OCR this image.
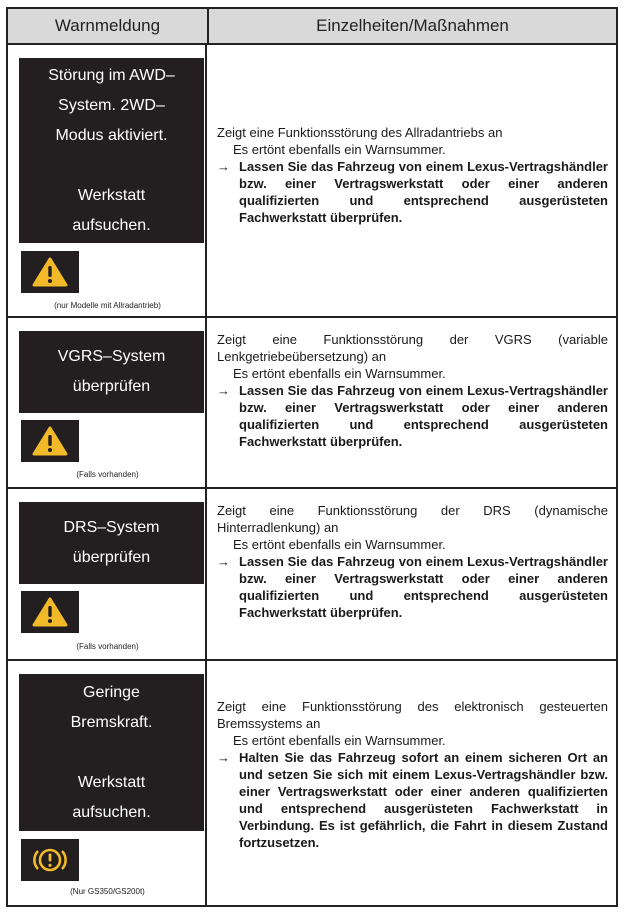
Warnmeldung	Einzelheiten/Maßnahmen
Störung im AWD–
System. 2WD–
Modus aktiviert.
Werkstatt
aufsuchen.
(nur Modelle mit Allradantrieb)
Zeigt eine Funktionsstörung des Allradantriebs an
Es ertönt ebenfalls ein Warnsummer.
→ Lassen Sie das Fahrzeug von einem Lexus-Vertragshändler bzw. einer Vertragswerkstatt oder einer anderen qualifizierten und entsprechend ausgerüsteten Fachwerkstatt überprüfen.
VGRS–System
überprüfen
(Falls vorhanden)
Zeigt eine Funktionsstörung der VGRS (variable Lenkgetriebeübersetzung) an
Es ertönt ebenfalls ein Warnsummer.
→ Lassen Sie das Fahrzeug von einem Lexus-Vertragshändler bzw. einer Vertragswerkstatt oder einer anderen qualifizierten und entsprechend ausgerüsteten Fachwerkstatt überprüfen.
DRS–System
überprüfen
(Falls vorhanden)
Zeigt eine Funktionsstörung der DRS (dynamische Hinterradlenkung) an
Es ertönt ebenfalls ein Warnsummer.
→ Lassen Sie das Fahrzeug von einem Lexus-Vertragshändler bzw. einer Vertragswerkstatt oder einer anderen qualifizierten und entsprechend ausgerüsteten Fachwerkstatt überprüfen.
Geringe
Bremskraft.
Werkstatt
aufsuchen.
(Nur GS350/GS200t)
Zeigt eine Funktionsstörung des elektronisch gesteuerten Bremssystems an
Es ertönt ebenfalls ein Warnsummer.
→ Halten Sie das Fahrzeug sofort an einem sicheren Ort an und setzen Sie sich mit einem Lexus-Vertragshändler bzw. einer Vertragswerkstatt oder einer anderen qualifizierten und entsprechend ausgerüsteten Fachwerkstatt in Verbindung. Es ist gefährlich, die Fahrt in diesem Zustand fortzusetzen.
